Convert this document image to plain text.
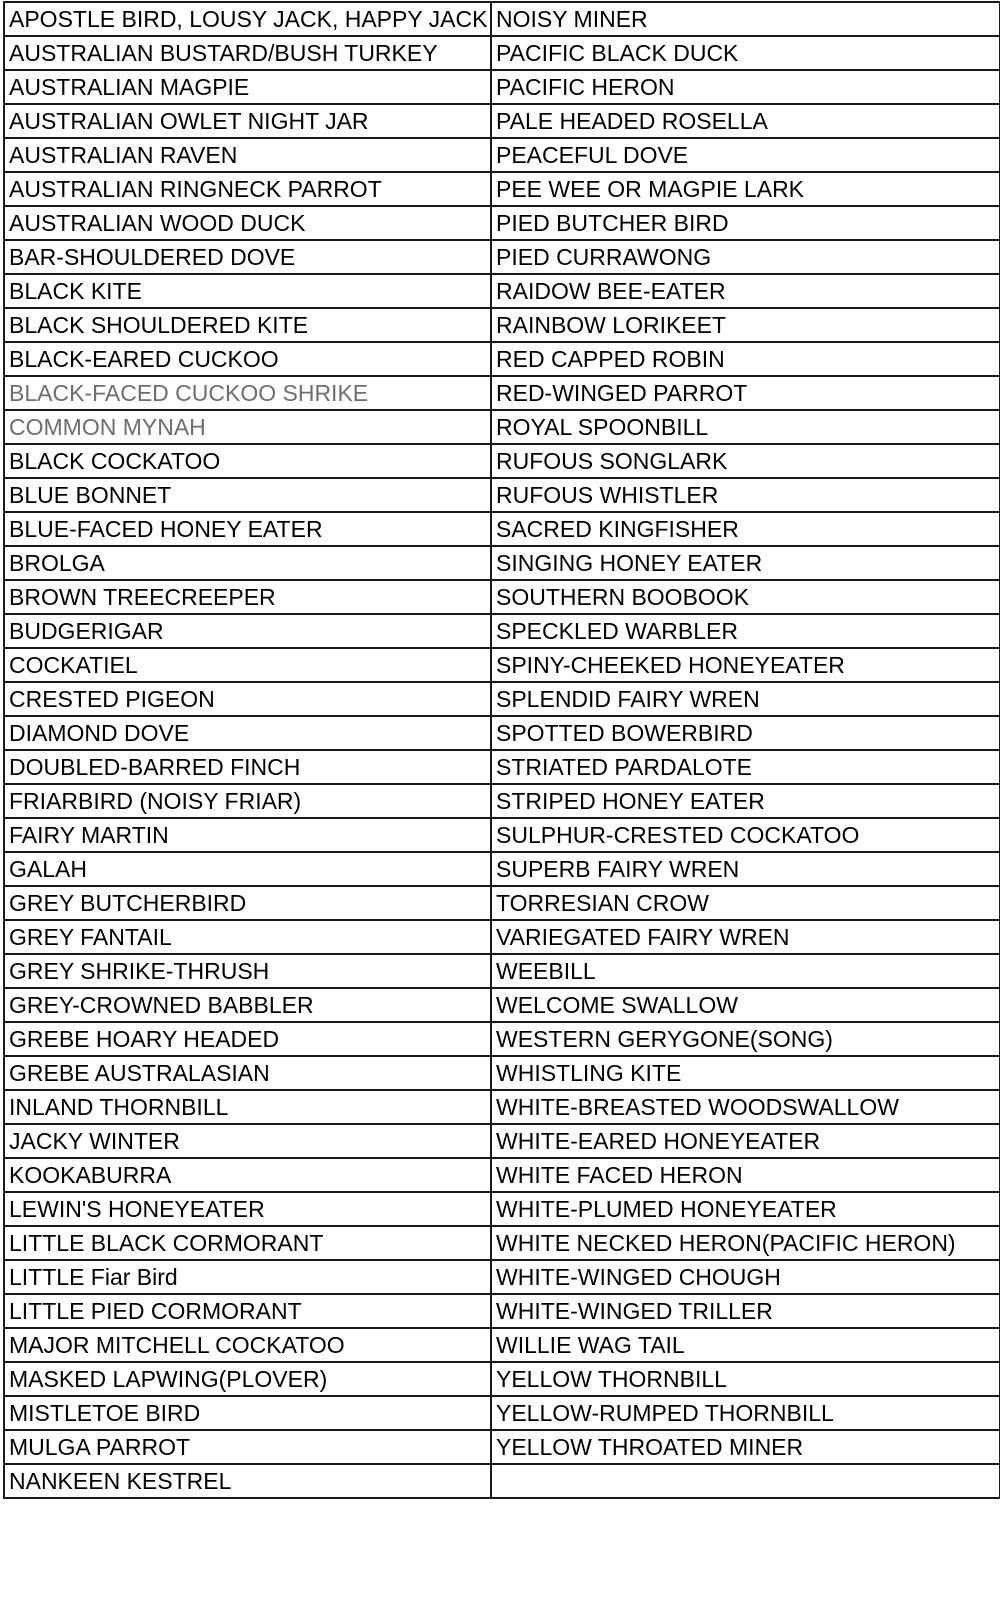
APOSTLE BIRD, LOUSY JACK, HAPPY JACK	NOISY MINER
AUSTRALIAN BUSTARD/BUSH TURKEY	PACIFIC BLACK DUCK
AUSTRALIAN MAGPIE	PACIFIC HERON
AUSTRALIAN OWLET NIGHT JAR	PALE HEADED ROSELLA
AUSTRALIAN RAVEN	PEACEFUL DOVE
AUSTRALIAN RINGNECK PARROT	PEE WEE OR MAGPIE LARK
AUSTRALIAN WOOD DUCK	PIED BUTCHER BIRD
BAR-SHOULDERED DOVE	PIED CURRAWONG
BLACK KITE	RAIDOW BEE-EATER
BLACK SHOULDERED KITE	RAINBOW LORIKEET
BLACK-EARED CUCKOO	RED CAPPED ROBIN
BLACK-FACED CUCKOO SHRIKE	RED-WINGED PARROT
COMMON MYNAH	ROYAL SPOONBILL
BLACK COCKATOO	RUFOUS SONGLARK
BLUE BONNET	RUFOUS WHISTLER
BLUE-FACED HONEY EATER	SACRED KINGFISHER
BROLGA	SINGING HONEY EATER
BROWN TREECREEPER	SOUTHERN BOOBOOK
BUDGERIGAR	SPECKLED WARBLER
COCKATIEL	SPINY-CHEEKED HONEYEATER
CRESTED PIGEON	SPLENDID FAIRY WREN
DIAMOND DOVE	SPOTTED BOWERBIRD
DOUBLED-BARRED FINCH	STRIATED PARDALOTE
FRIARBIRD (NOISY FRIAR)	STRIPED HONEY EATER
FAIRY MARTIN	SULPHUR-CRESTED COCKATOO
GALAH	SUPERB FAIRY WREN
GREY BUTCHERBIRD	TORRESIAN CROW
GREY FANTAIL	VARIEGATED FAIRY WREN
GREY SHRIKE-THRUSH	WEEBILL
GREY-CROWNED BABBLER	WELCOME SWALLOW
GREBE HOARY HEADED	WESTERN GERYGONE(SONG)
GREBE AUSTRALASIAN	WHISTLING KITE
INLAND THORNBILL	WHITE-BREASTED WOODSWALLOW
JACKY WINTER	WHITE-EARED HONEYEATER
KOOKABURRA	WHITE FACED HERON
LEWIN'S HONEYEATER	WHITE-PLUMED HONEYEATER
LITTLE BLACK CORMORANT	WHITE NECKED HERON(PACIFIC HERON)
LITTLE Fiar Bird	WHITE-WINGED CHOUGH
LITTLE PIED CORMORANT	WHITE-WINGED TRILLER
MAJOR MITCHELL COCKATOO	WILLIE WAG TAIL
MASKED LAPWING(PLOVER)	YELLOW THORNBILL
MISTLETOE BIRD	YELLOW-RUMPED THORNBILL
MULGA PARROT	YELLOW THROATED MINER
NANKEEN KESTREL	
